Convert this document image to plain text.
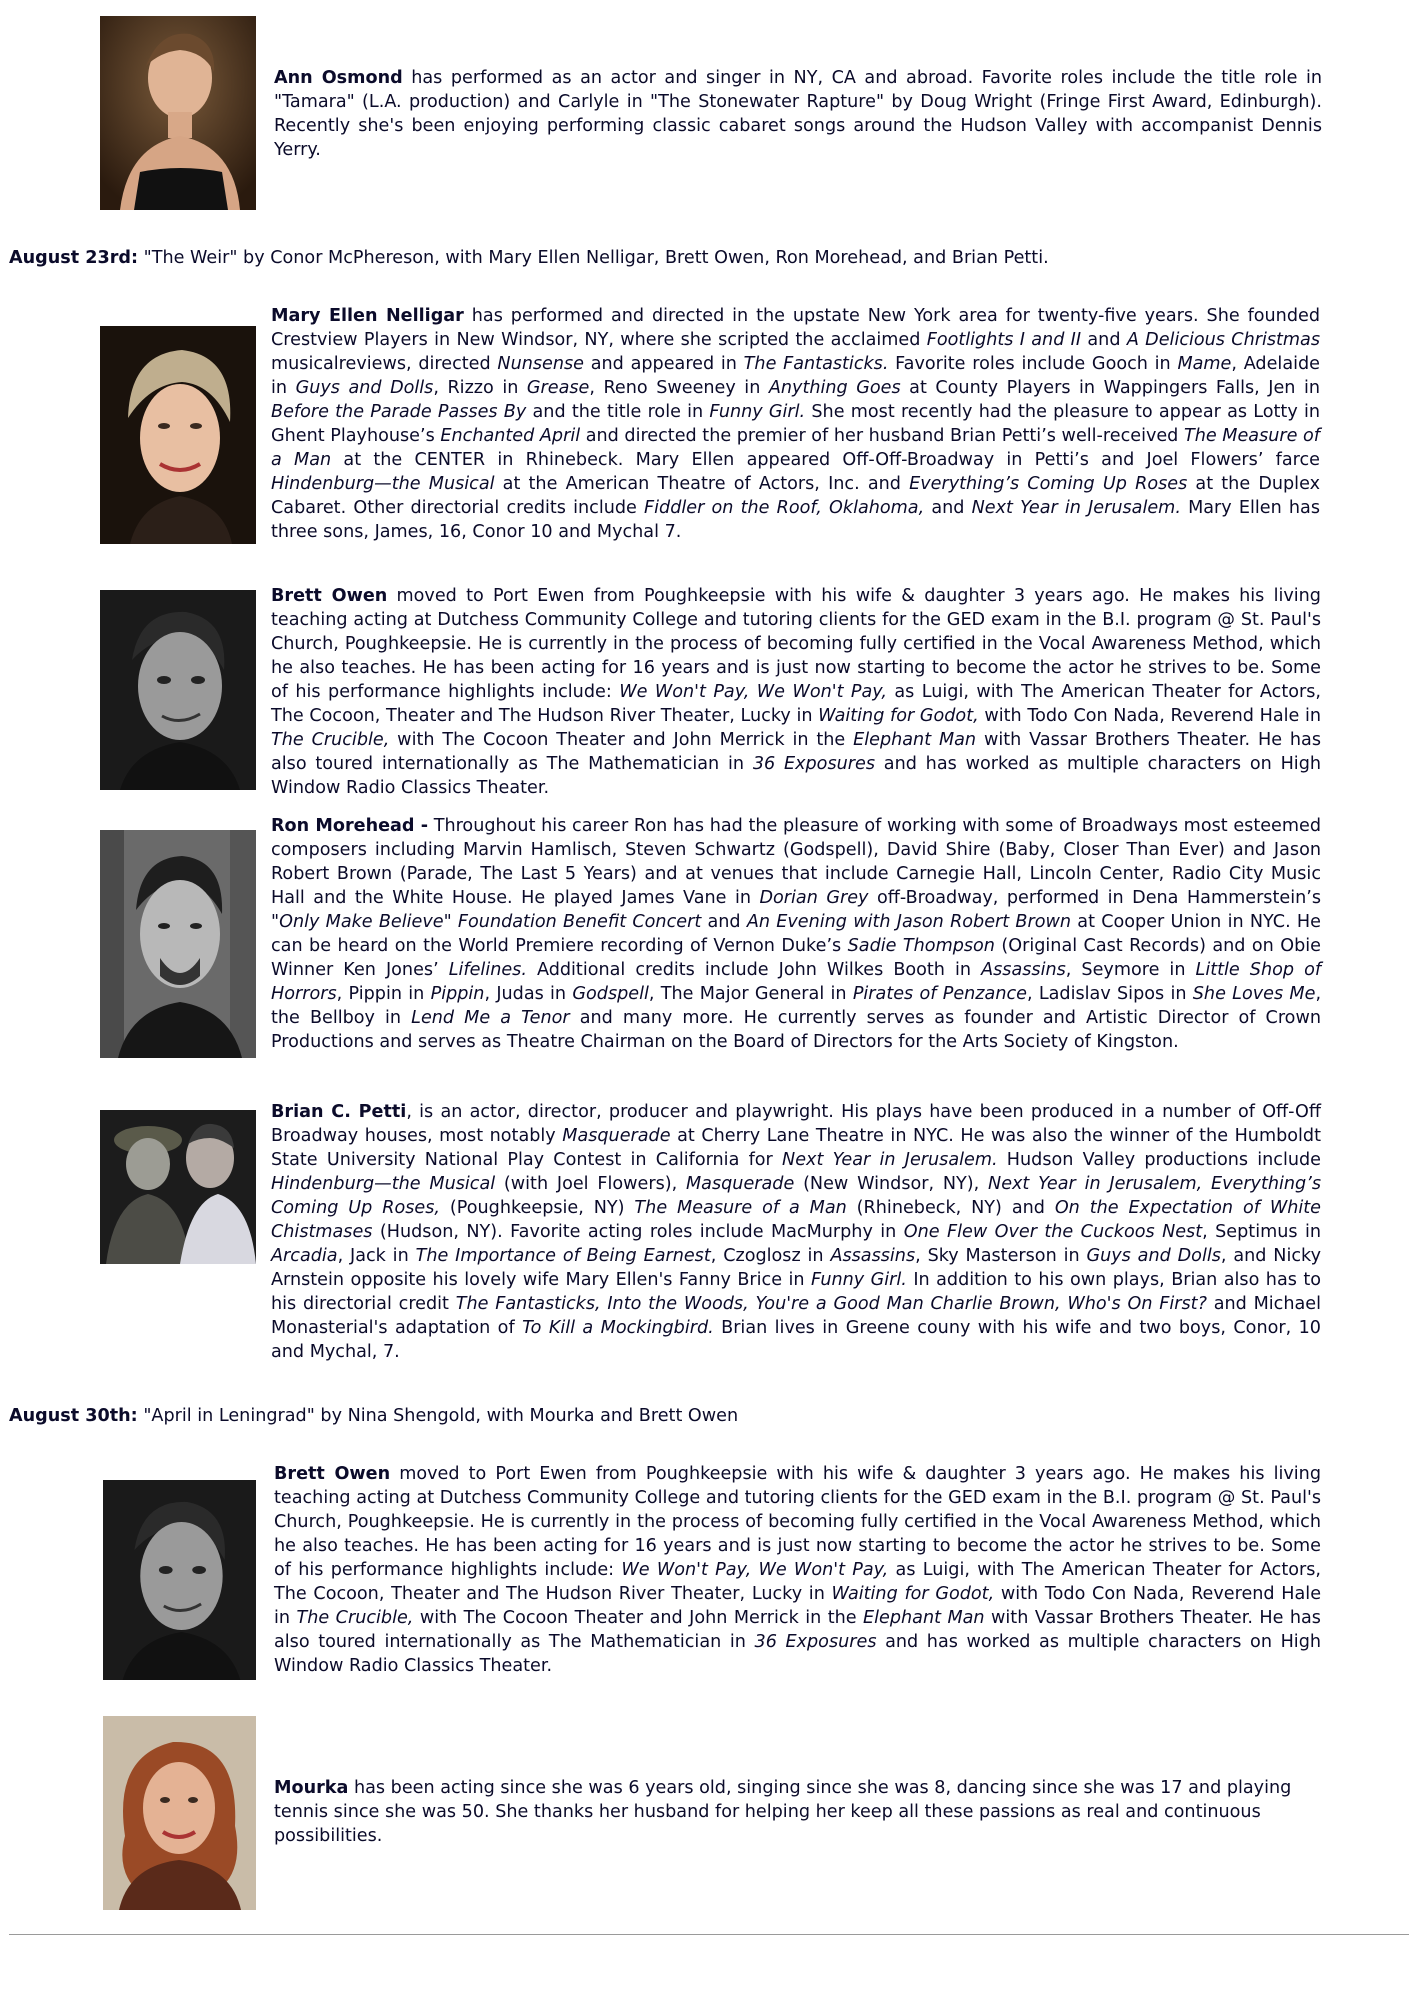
Ann Osmond has performed as an actor and singer in NY, CA and abroad. Favorite roles include the title role in "Tamara" (L.A. production) and Carlyle in "The Stonewater Rapture" by Doug Wright (Fringe First Award, Edinburgh). Recently she's been enjoying performing classic cabaret songs around the Hudson Valley with accompanist Dennis Yerry.

August 23rd: "The Weir" by Conor McPhereson, with Mary Ellen Nelligar, Brett Owen, Ron Morehead, and Brian Petti.

Mary Ellen Nelligar has performed and directed in the upstate New York area for twenty-five years. She founded Crestview Players in New Windsor, NY, where she scripted the acclaimed Footlights I and II and A Delicious Christmas musicalreviews, directed Nunsense and appeared in The Fantasticks. Favorite roles include Gooch in Mame, Adelaide in Guys and Dolls, Rizzo in Grease, Reno Sweeney in Anything Goes at County Players in Wappingers Falls, Jen in Before the Parade Passes By and the title role in Funny Girl. She most recently had the pleasure to appear as Lotty in Ghent Playhouse’s Enchanted April and directed the premier of her husband Brian Petti’s well-received The Measure of a Man at the CENTER in Rhinebeck. Mary Ellen appeared Off-Off-Broadway in Petti’s and Joel Flowers’ farce Hindenburg—the Musical at the American Theatre of Actors, Inc. and Everything’s Coming Up Roses at the Duplex Cabaret. Other directorial credits include Fiddler on the Roof, Oklahoma, and Next Year in Jerusalem. Mary Ellen has three sons, James, 16, Conor 10 and Mychal 7.

Brett Owen moved to Port Ewen from Poughkeepsie with his wife & daughter 3 years ago. He makes his living teaching acting at Dutchess Community College and tutoring clients for the GED exam in the B.I. program @ St. Paul's Church, Poughkeepsie. He is currently in the process of becoming fully certified in the Vocal Awareness Method, which he also teaches. He has been acting for 16 years and is just now starting to become the actor he strives to be. Some of his performance highlights include: We Won't Pay, We Won't Pay, as Luigi, with The American Theater for Actors, The Cocoon, Theater and The Hudson River Theater, Lucky in Waiting for Godot, with Todo Con Nada, Reverend Hale in The Crucible, with The Cocoon Theater and John Merrick in the Elephant Man with Vassar Brothers Theater. He has also toured internationally as The Mathematician in 36 Exposures and has worked as multiple characters on High Window Radio Classics Theater.

Ron Morehead - Throughout his career Ron has had the pleasure of working with some of Broadways most esteemed composers including Marvin Hamlisch, Steven Schwartz (Godspell), David Shire (Baby, Closer Than Ever) and Jason Robert Brown (Parade, The Last 5 Years) and at venues that include Carnegie Hall, Lincoln Center, Radio City Music Hall and the White House. He played James Vane in Dorian Grey off-Broadway, performed in Dena Hammerstein’s "Only Make Believe" Foundation Benefit Concert and An Evening with Jason Robert Brown at Cooper Union in NYC. He can be heard on the World Premiere recording of Vernon Duke’s Sadie Thompson (Original Cast Records) and on Obie Winner Ken Jones’ Lifelines. Additional credits include John Wilkes Booth in Assassins, Seymore in Little Shop of Horrors, Pippin in Pippin, Judas in Godspell, The Major General in Pirates of Penzance, Ladislav Sipos in She Loves Me, the Bellboy in Lend Me a Tenor and many more. He currently serves as founder and Artistic Director of Crown Productions and serves as Theatre Chairman on the Board of Directors for the Arts Society of Kingston.

Brian C. Petti, is an actor, director, producer and playwright. His plays have been produced in a number of Off-Off Broadway houses, most notably Masquerade at Cherry Lane Theatre in NYC. He was also the winner of the Humboldt State University National Play Contest in California for Next Year in Jerusalem. Hudson Valley productions include Hindenburg—the Musical (with Joel Flowers), Masquerade (New Windsor, NY), Next Year in Jerusalem, Everything’s Coming Up Roses, (Poughkeepsie, NY) The Measure of a Man (Rhinebeck, NY) and On the Expectation of White Chistmases (Hudson, NY). Favorite acting roles include MacMurphy in One Flew Over the Cuckoos Nest, Septimus in Arcadia, Jack in The Importance of Being Earnest, Czoglosz in Assassins, Sky Masterson in Guys and Dolls, and Nicky Arnstein opposite his lovely wife Mary Ellen's Fanny Brice in Funny Girl. In addition to his own plays, Brian also has to his directorial credit The Fantasticks, Into the Woods, You're a Good Man Charlie Brown, Who's On First? and Michael Monasterial's adaptation of To Kill a Mockingbird. Brian lives in Greene couny with his wife and two boys, Conor, 10 and Mychal, 7.

August 30th: "April in Leningrad" by Nina Shengold, with Mourka and Brett Owen

Brett Owen moved to Port Ewen from Poughkeepsie with his wife & daughter 3 years ago. He makes his living teaching acting at Dutchess Community College and tutoring clients for the GED exam in the B.I. program @ St. Paul's Church, Poughkeepsie. He is currently in the process of becoming fully certified in the Vocal Awareness Method, which he also teaches. He has been acting for 16 years and is just now starting to become the actor he strives to be. Some of his performance highlights include: We Won't Pay, We Won't Pay, as Luigi, with The American Theater for Actors, The Cocoon, Theater and The Hudson River Theater, Lucky in Waiting for Godot, with Todo Con Nada, Reverend Hale in The Crucible, with The Cocoon Theater and John Merrick in the Elephant Man with Vassar Brothers Theater. He has also toured internationally as The Mathematician in 36 Exposures and has worked as multiple characters on High Window Radio Classics Theater.

Mourka has been acting since she was 6 years old, singing since she was 8, dancing since she was 17 and playing tennis since she was 50. She thanks her husband for helping her keep all these passions as real and continuous possibilities.
